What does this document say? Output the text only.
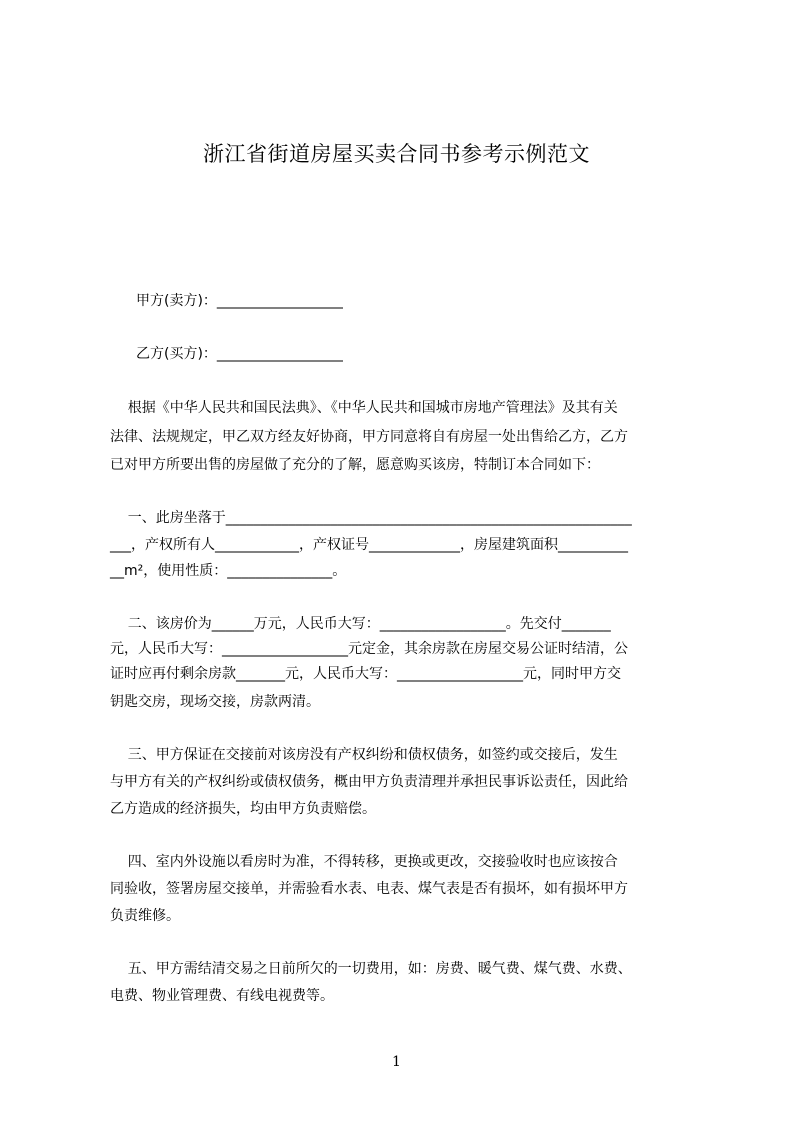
浙江省街道房屋买卖合同书参考示例范文
甲方(卖方)：__________________
乙方(买方)：__________________
根据《中华人民共和国民法典》、《中华人民共和国城市房地产管理法》及其有关
法律、法规规定，甲乙双方经友好协商，甲方同意将自有房屋一处出售给乙方，乙方
已对甲方所要出售的房屋做了充分的了解，愿意购买该房，特制订本合同如下：
一、此房坐落于__________________________________________________________
___，产权所有人____________，产权证号_____________，房屋建筑面积__________
__m²，使用性质：_______________。
二、该房价为______万元，人民币大写：__________________。先交付_______
元，人民币大写：__________________元定金，其余房款在房屋交易公证时结清，公
证时应再付剩余房款_______元，人民币大写：__________________元，同时甲方交
钥匙交房，现场交接，房款两清。
三、甲方保证在交接前对该房没有产权纠纷和债权债务，如签约或交接后，发生
与甲方有关的产权纠纷或债权债务，概由甲方负责清理并承担民事诉讼责任，因此给
乙方造成的经济损失，均由甲方负责赔偿。
四、室内外设施以看房时为准，不得转移，更换或更改，交接验收时也应该按合
同验收，签署房屋交接单，并需验看水表、电表、煤气表是否有损坏，如有损坏甲方
负责维修。
五、甲方需结清交易之日前所欠的一切费用，如：房费、暖气费、煤气费、水费、
电费、物业管理费、有线电视费等。
1
